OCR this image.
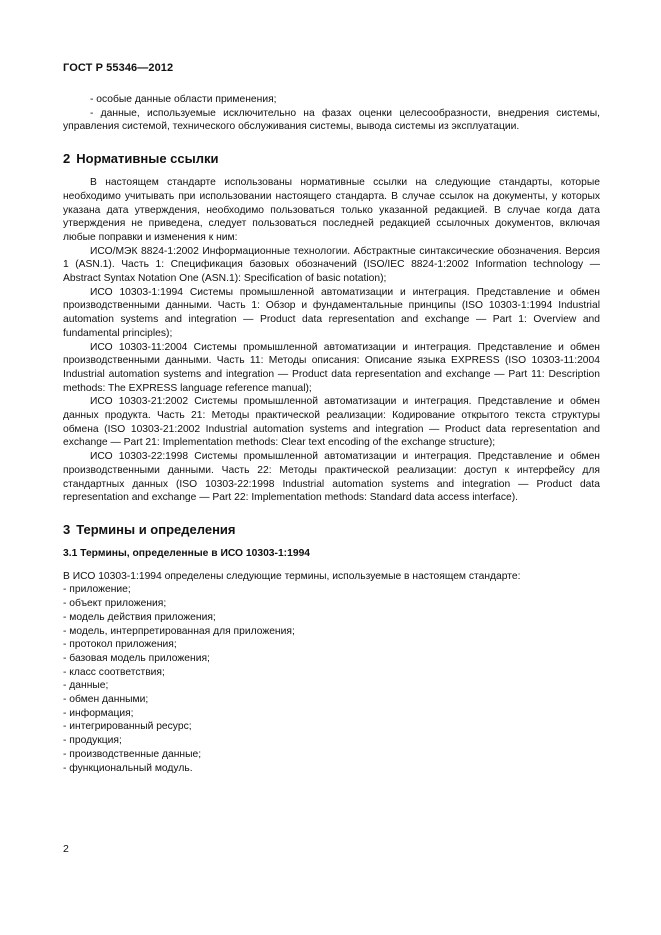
ГОСТ Р 55346—2012

- особые данные области применения;

- данные, используемые исключительно на фазах оценки целесообразности, внедрения системы, управления системой, технического обслуживания системы, вывода системы из эксплуатации.

2 Нормативные ссылки

В настоящем стандарте использованы нормативные ссылки на следующие стандарты, которые необходимо учитывать при использовании настоящего стандарта. В случае ссылок на документы, у которых указана дата утверждения, необходимо пользоваться только указанной редакцией. В случае когда дата утверждения не приведена, следует пользоваться последней редакцией ссылочных документов, включая любые поправки и изменения к ним:

ИСО/МЭК 8824-1:2002 Информационные технологии. Абстрактные синтаксические обозначения. Версия 1 (ASN.1). Часть 1: Спецификация базовых обозначений (ISO/IEC 8824-1:2002 Information technology — Abstract Syntax Notation One (ASN.1): Specification of basic notation);

ИСО 10303-1:1994 Системы промышленной автоматизации и интеграция. Представление и обмен производственными данными. Часть 1: Обзор и фундаментальные принципы (ISO 10303-1:1994 Industrial automation systems and integration — Product data representation and exchange — Part 1: Overview and fundamental principles);

ИСО 10303-11:2004 Системы промышленной автоматизации и интеграция. Представление и обмен производственными данными. Часть 11: Методы описания: Описание языка EXPRESS (ISO 10303-11:2004 Industrial automation systems and integration — Product data representation and exchange — Part 11: Description methods: The EXPRESS language reference manual);

ИСО 10303-21:2002 Системы промышленной автоматизации и интеграция. Представление и обмен данных продукта. Часть 21: Методы практической реализации: Кодирование открытого текста структуры обмена (ISO 10303-21:2002 Industrial automation systems and integration — Product data representation and exchange — Part 21: Implementation methods: Clear text encoding of the exchange structure);

ИСО 10303-22:1998 Системы промышленной автоматизации и интеграция. Представление и обмен производственными данными. Часть 22: Методы практической реализации: доступ к интерфейсу для стандартных данных (ISO 10303-22:1998 Industrial automation systems and integration — Product data representation and exchange — Part 22: Implementation methods: Standard data access interface).

3 Термины и определения
3.1 Термины, определенные в ИСО 10303-1:1994

В ИСО 10303-1:1994 определены следующие термины, используемые в настоящем стандарте:

- приложение;
- объект приложения;
- модель действия приложения;
- модель, интерпретированная для приложения;
- протокол приложения;
- базовая модель приложения;
- класс соответствия;
- данные;
- обмен данными;
- информация;
- интегрированный ресурс;
- продукция;
- производственные данные;
- функциональный модуль.
2
